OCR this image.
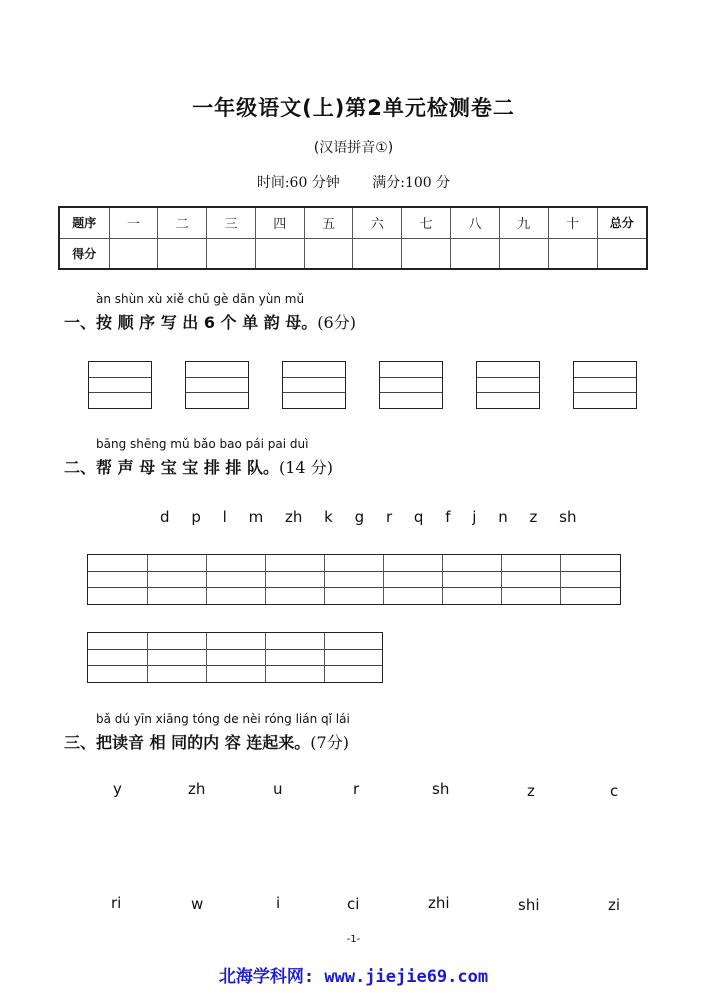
一年级语文(上)第2单元检测卷二
(汉语拼音①)
时间:60 分钟 满分:100 分
题序	一	二	三	四	五	六	七	八	九	十	总分
得分											
àn shùn xù xiě chū gè dān yùn mǔ
一、按 顺 序 写 出 6 个 单 韵 母。(6分)
bāng shēng mǔ bǎo bao pái pai duì
二、帮 声 母 宝 宝 排 排 队。(14 分)
d p l m zh k g r q f j n z sh
bǎ dú yīn xiāng tóng de nèi róng lián qǐ lái
三、把读音 相 同的内 容 连起来。(7分)
y	zh	u	r	sh	z	c
ri	w	i	ci	zhi	shi	zi
-1-
北海学科网: www.jiejie69.com
